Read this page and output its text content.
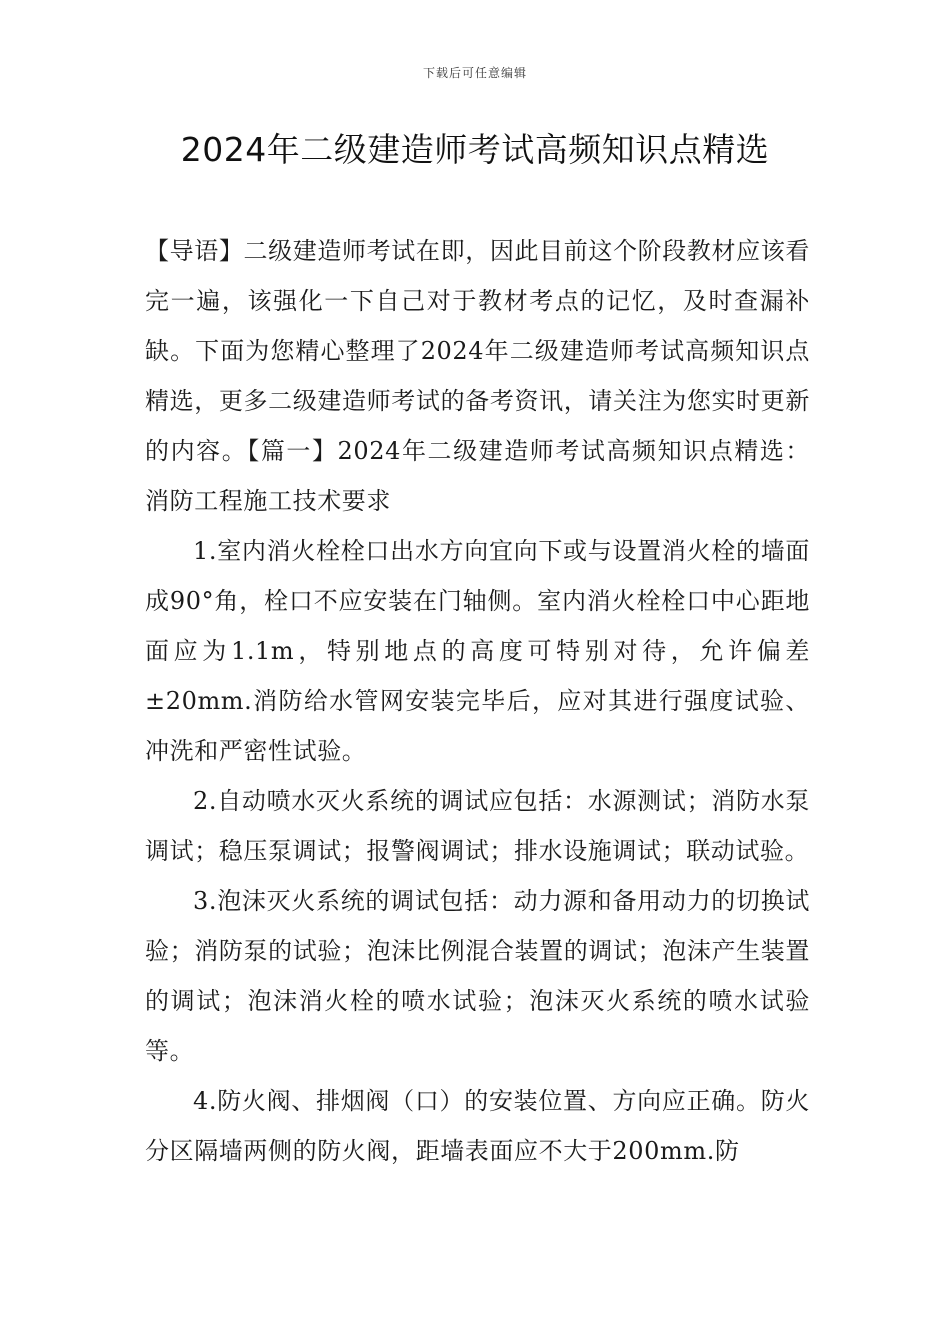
下载后可任意编辑
2024年二级建造师考试高频知识点精选

【导语】二级建造师考试在即，因此目前这个阶段教材应该看完一遍，该强化一下自己对于教材考点的记忆，及时查漏补缺。下面为您精心整理了2024年二级建造师考试高频知识点精选，更多二级建造师考试的备考资讯，请关注为您实时更新的内容。【篇一】2024年二级建造师考试高频知识点精选：消防工程施工技术要求

1.室内消火栓栓口出水方向宜向下或与设置消火栓的墙面成90°角，栓口不应安装在门轴侧。室内消火栓栓口中心距地面应为1.1m，特别地点的高度可特别对待，允许偏差±20mm.消防给水管网安装完毕后，应对其进行强度试验、冲洗和严密性试验。

2.自动喷水灭火系统的调试应包括：水源测试；消防水泵调试；稳压泵调试；报警阀调试；排水设施调试；联动试验。

3.泡沫灭火系统的调试包括：动力源和备用动力的切换试验；消防泵的试验；泡沫比例混合装置的调试；泡沫产生装置的调试；泡沫消火栓的喷水试验；泡沫灭火系统的喷水试验等。

4.防火阀、排烟阀（口）的安装位置、方向应正确。防火分区隔墙两侧的防火阀，距墙表面应不大于200mm.防
